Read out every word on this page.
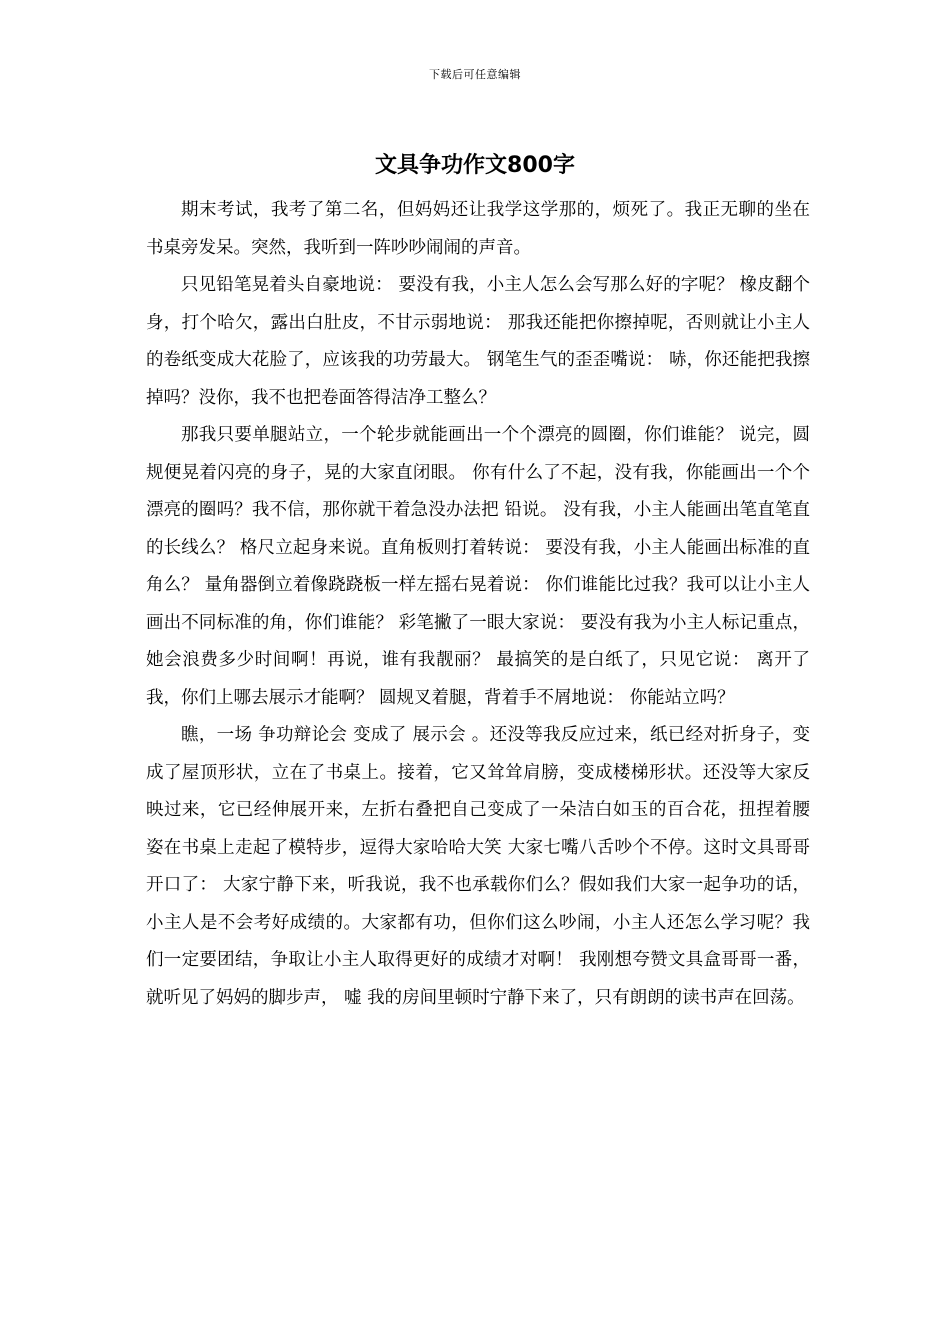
下载后可任意编辑
文具争功作文800字

期末考试，我考了第二名，但妈妈还让我学这学那的，烦死了。我正无聊的坐在书桌旁发呆。突然，我听到一阵吵吵闹闹的声音。

只见铅笔晃着头自豪地说： 要没有我，小主人怎么会写那么好的字呢？ 橡皮翻个身，打个哈欠，露出白肚皮，不甘示弱地说： 那我还能把你擦掉呢，否则就让小主人的卷纸变成大花脸了，应该我的功劳最大。 钢笔生气的歪歪嘴说： 哧，你还能把我擦掉吗？没你，我不也把卷面答得洁净工整么？

那我只要单腿站立，一个轮步就能画出一个个漂亮的圆圈，你们谁能？ 说完，圆规便晃着闪亮的身子，晃的大家直闭眼。 你有什么了不起，没有我，你能画出一个个漂亮的圈吗？我不信，那你就干着急没办法把 铅说。 没有我，小主人能画出笔直笔直的长线么？ 格尺立起身来说。直角板则打着转说： 要没有我，小主人能画出标准的直角么？ 量角器倒立着像跷跷板一样左摇右晃着说： 你们谁能比过我？我可以让小主人画出不同标准的角，你们谁能？ 彩笔撇了一眼大家说： 要没有我为小主人标记重点，她会浪费多少时间啊！再说，谁有我靓丽？ 最搞笑的是白纸了，只见它说： 离开了我，你们上哪去展示才能啊？ 圆规叉着腿，背着手不屑地说： 你能站立吗？

瞧，一场 争功辩论会 变成了 展示会 。还没等我反应过来，纸已经对折身子，变成了屋顶形状，立在了书桌上。接着，它又耸耸肩膀，变成楼梯形状。还没等大家反映过来，它已经伸展开来，左折右叠把自己变成了一朵洁白如玉的百合花，扭捏着腰姿在书桌上走起了模特步，逗得大家哈哈大笑 大家七嘴八舌吵个不停。这时文具哥哥开口了： 大家宁静下来，听我说，我不也承载你们么？假如我们大家一起争功的话，小主人是不会考好成绩的。大家都有功，但你们这么吵闹，小主人还怎么学习呢？我们一定要团结，争取让小主人取得更好的成绩才对啊！ 我刚想夸赞文具盒哥哥一番，就听见了妈妈的脚步声， 嘘 我的房间里顿时宁静下来了，只有朗朗的读书声在回荡。
